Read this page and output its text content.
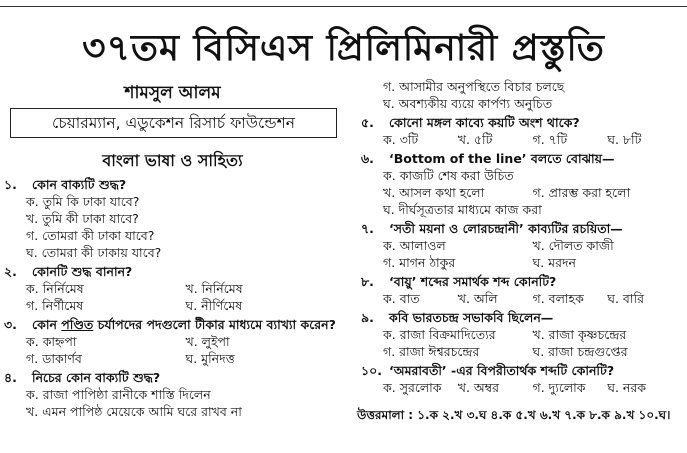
৩৭তম বিসিএস প্রিলিমিনারী প্রস্তুতি
শামসুল আলম
চেয়ারম্যান, এডুকেশন রিসার্চ ফাউন্ডেশন
বাংলা ভাষা ও সাহিত্য
১.	কোন বাক্যটি শুদ্ধ?
ক. তুমি কি ঢাকা যাবে?
খ. তুমি কী ঢাকা যাবে?
গ. তোমরা কী ঢাকা যাবে?
ঘ. তোমরা কী ঢাকায় যাবে?
২.	কোনটি শুদ্ধ বানান?
ক. নির্নিমেষ	খ. নির্নিমেষ
গ. নির্ণীমেষ	ঘ. নীর্ণিমেষ
৩.	কোন পণ্ডিত চর্যাপদের পদগুলো টীকার মাধ্যমে ব্যাখ্যা করেন?
ক. কাহ্নপা	খ. লুইপা
গ. ডাকার্ণব	ঘ. মুনিদত্ত
৪.	নিচের কোন বাক্যটি শুদ্ধ?
ক. রাজা পাপিষ্ঠা রানীকে শাস্তি দিলেন
খ. এমন পাপিষ্ঠ মেয়েকে আমি ঘরে রাখব না
গ. আসামীর অনুপস্থিতে বিচার চলছে
ঘ. অবশ্যকীয় ব্যয়ে কার্পণ্য অনুচিত
৫.	কোনো মঙ্গল কাব্যে কয়টি অংশ থাকে?
ক. ৩টি	খ. ৫টি	গ. ৭টি	ঘ. ৮টি
৬.	‘Bottom of the line’ বলতে বোঝায়—
ক. কাজটি শেষ করা উচিত
খ. আসল কথা হলো	গ. প্রারম্ভ করা হলো
ঘ. দীর্ঘসূত্রতার মাধ্যমে কাজ করা
৭.	‘সতী ময়না ও লোরচন্দ্রানী’ কাব্যটির রচয়িতা—
ক. আলাওল	খ. দৌলত কাজী
গ. মাগন ঠাকুর	ঘ. মরদন
৮.	‘বায়ু’ শব্দের সমার্থক শব্দ কোনটি?
ক. বাত	খ. অলি	গ. বলাহক	ঘ. বারি
৯.	কবি ভারতচন্দ্র সভাকবি ছিলেন—
ক. রাজা বিক্রমাদিত্যের	খ. রাজা কৃষ্ণচন্দ্রের
গ. রাজা ঈশ্বরচন্দ্রের	ঘ. রাজা চন্দ্রগুপ্তের
১০. ‘অমরাবতী’ -এর বিপরীতার্থক শব্দটি কোনটি?
ক. সুরলোক	খ. অম্বর	গ. দ্যুলোক	ঘ. নরক
উত্তরমালা : ১.ক ২.খ ৩.ঘ ৪.ক ৫.খ ৬.খ ৭.ক ৮.ক ৯.খ ১০.ঘ।
